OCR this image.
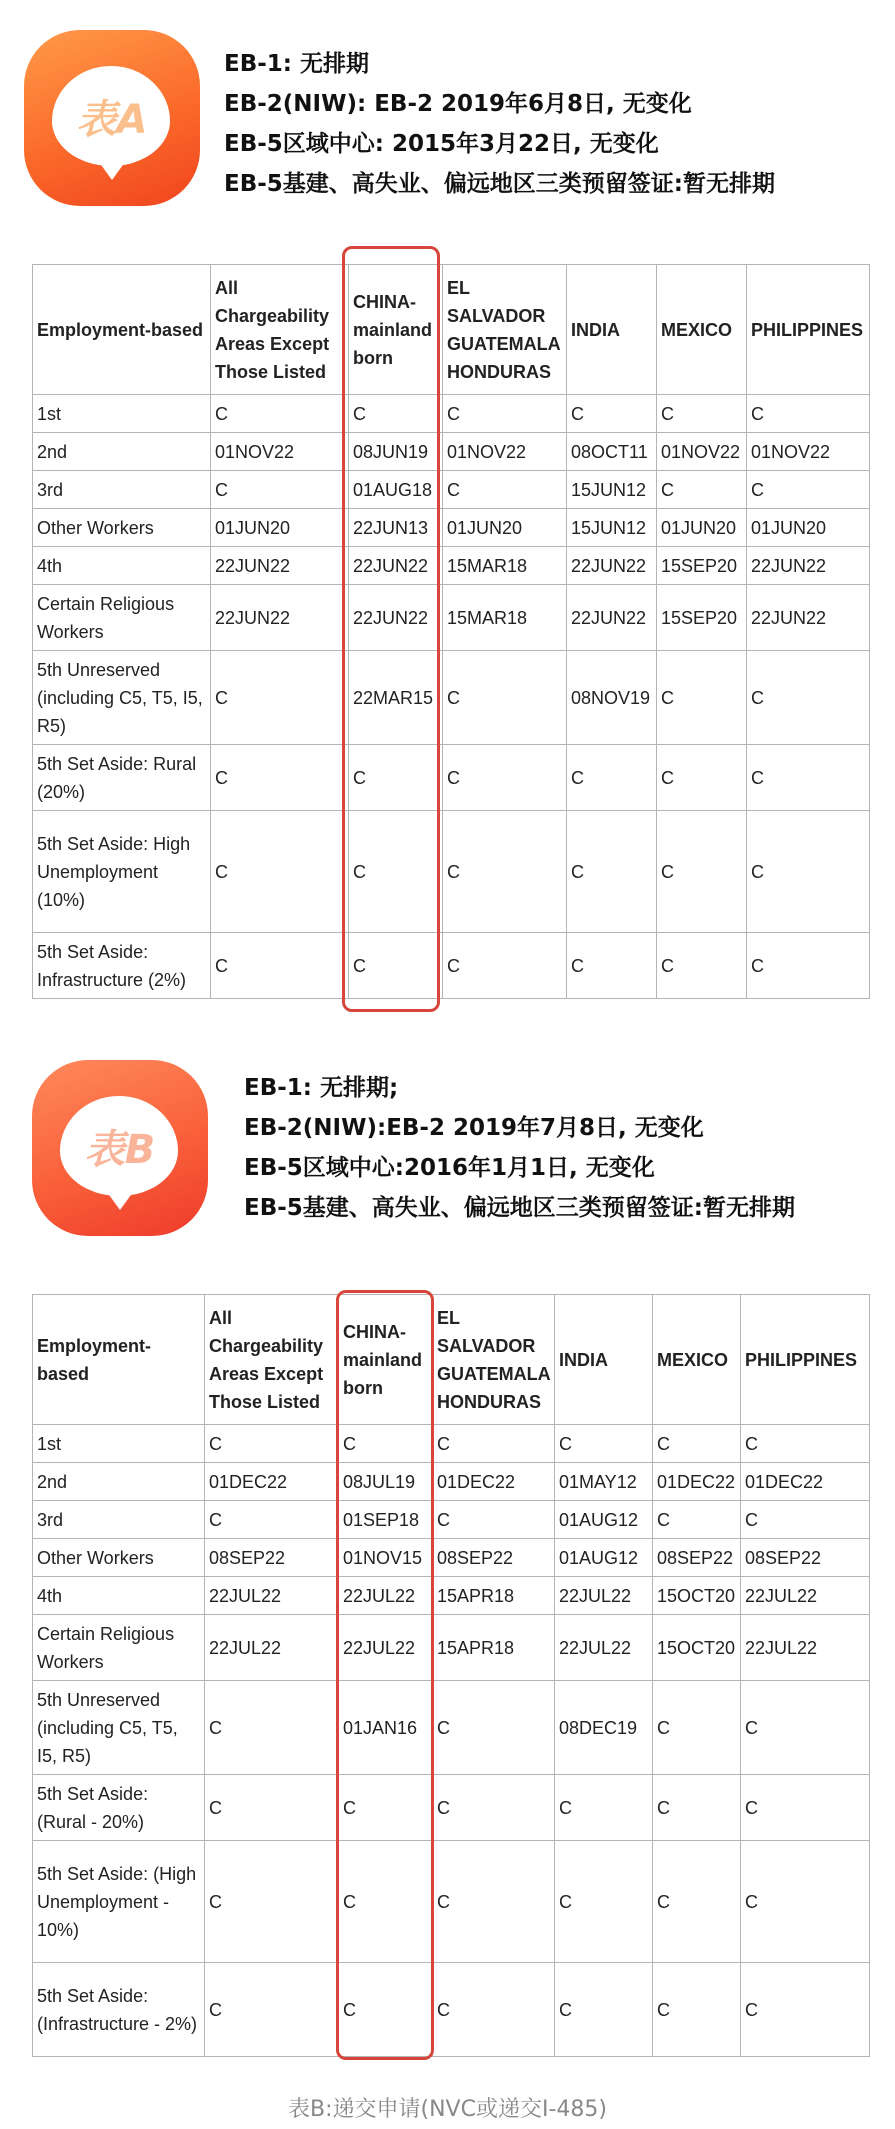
表A
EB-1: 无排期
EB-2(NIW): EB-2 2019年6月8日, 无变化
EB-5区域中心: 2015年3月22日, 无变化
EB-5基建、高失业、偏远地区三类预留签证:暂无排期
Employment-based	All Chargeability Areas Except Those Listed	CHINA-mainland born	EL SALVADOR GUATEMALA HONDURAS	INDIA	MEXICO	PHILIPPINES
1st	C	C	C	C	C	C
2nd	01NOV22	08JUN19	01NOV22	08OCT11	01NOV22	01NOV22
3rd	C	01AUG18	C	15JUN12	C	C
Other Workers	01JUN20	22JUN13	01JUN20	15JUN12	01JUN20	01JUN20
4th	22JUN22	22JUN22	15MAR18	22JUN22	15SEP20	22JUN22
Certain Religious Workers	22JUN22	22JUN22	15MAR18	22JUN22	15SEP20	22JUN22
5th Unreserved (including C5, T5, I5, R5)	C	22MAR15	C	08NOV19	C	C
5th Set Aside: Rural (20%)	C	C	C	C	C	C
5th Set Aside: High Unemployment (10%)	C	C	C	C	C	C
5th Set Aside: Infrastructure (2%)	C	C	C	C	C	C
表B
EB-1: 无排期;
EB-2(NIW):EB-2 2019年7月8日, 无变化
EB-5区域中心:2016年1月1日, 无变化
EB-5基建、高失业、偏远地区三类预留签证:暂无排期
Employment-based	All Chargeability Areas Except Those Listed	CHINA-mainland born	EL SALVADOR GUATEMALA HONDURAS	INDIA	MEXICO	PHILIPPINES
1st	C	C	C	C	C	C
2nd	01DEC22	08JUL19	01DEC22	01MAY12	01DEC22	01DEC22
3rd	C	01SEP18	C	01AUG12	C	C
Other Workers	08SEP22	01NOV15	08SEP22	01AUG12	08SEP22	08SEP22
4th	22JUL22	22JUL22	15APR18	22JUL22	15OCT20	22JUL22
Certain Religious Workers	22JUL22	22JUL22	15APR18	22JUL22	15OCT20	22JUL22
5th Unreserved (including C5, T5, I5, R5)	C	01JAN16	C	08DEC19	C	C
5th Set Aside: (Rural - 20%)	C	C	C	C	C	C
5th Set Aside: (High Unemployment - 10%)	C	C	C	C	C	C
5th Set Aside: (Infrastructure - 2%)	C	C	C	C	C	C
表B:递交申请(NVC或递交I-485)
